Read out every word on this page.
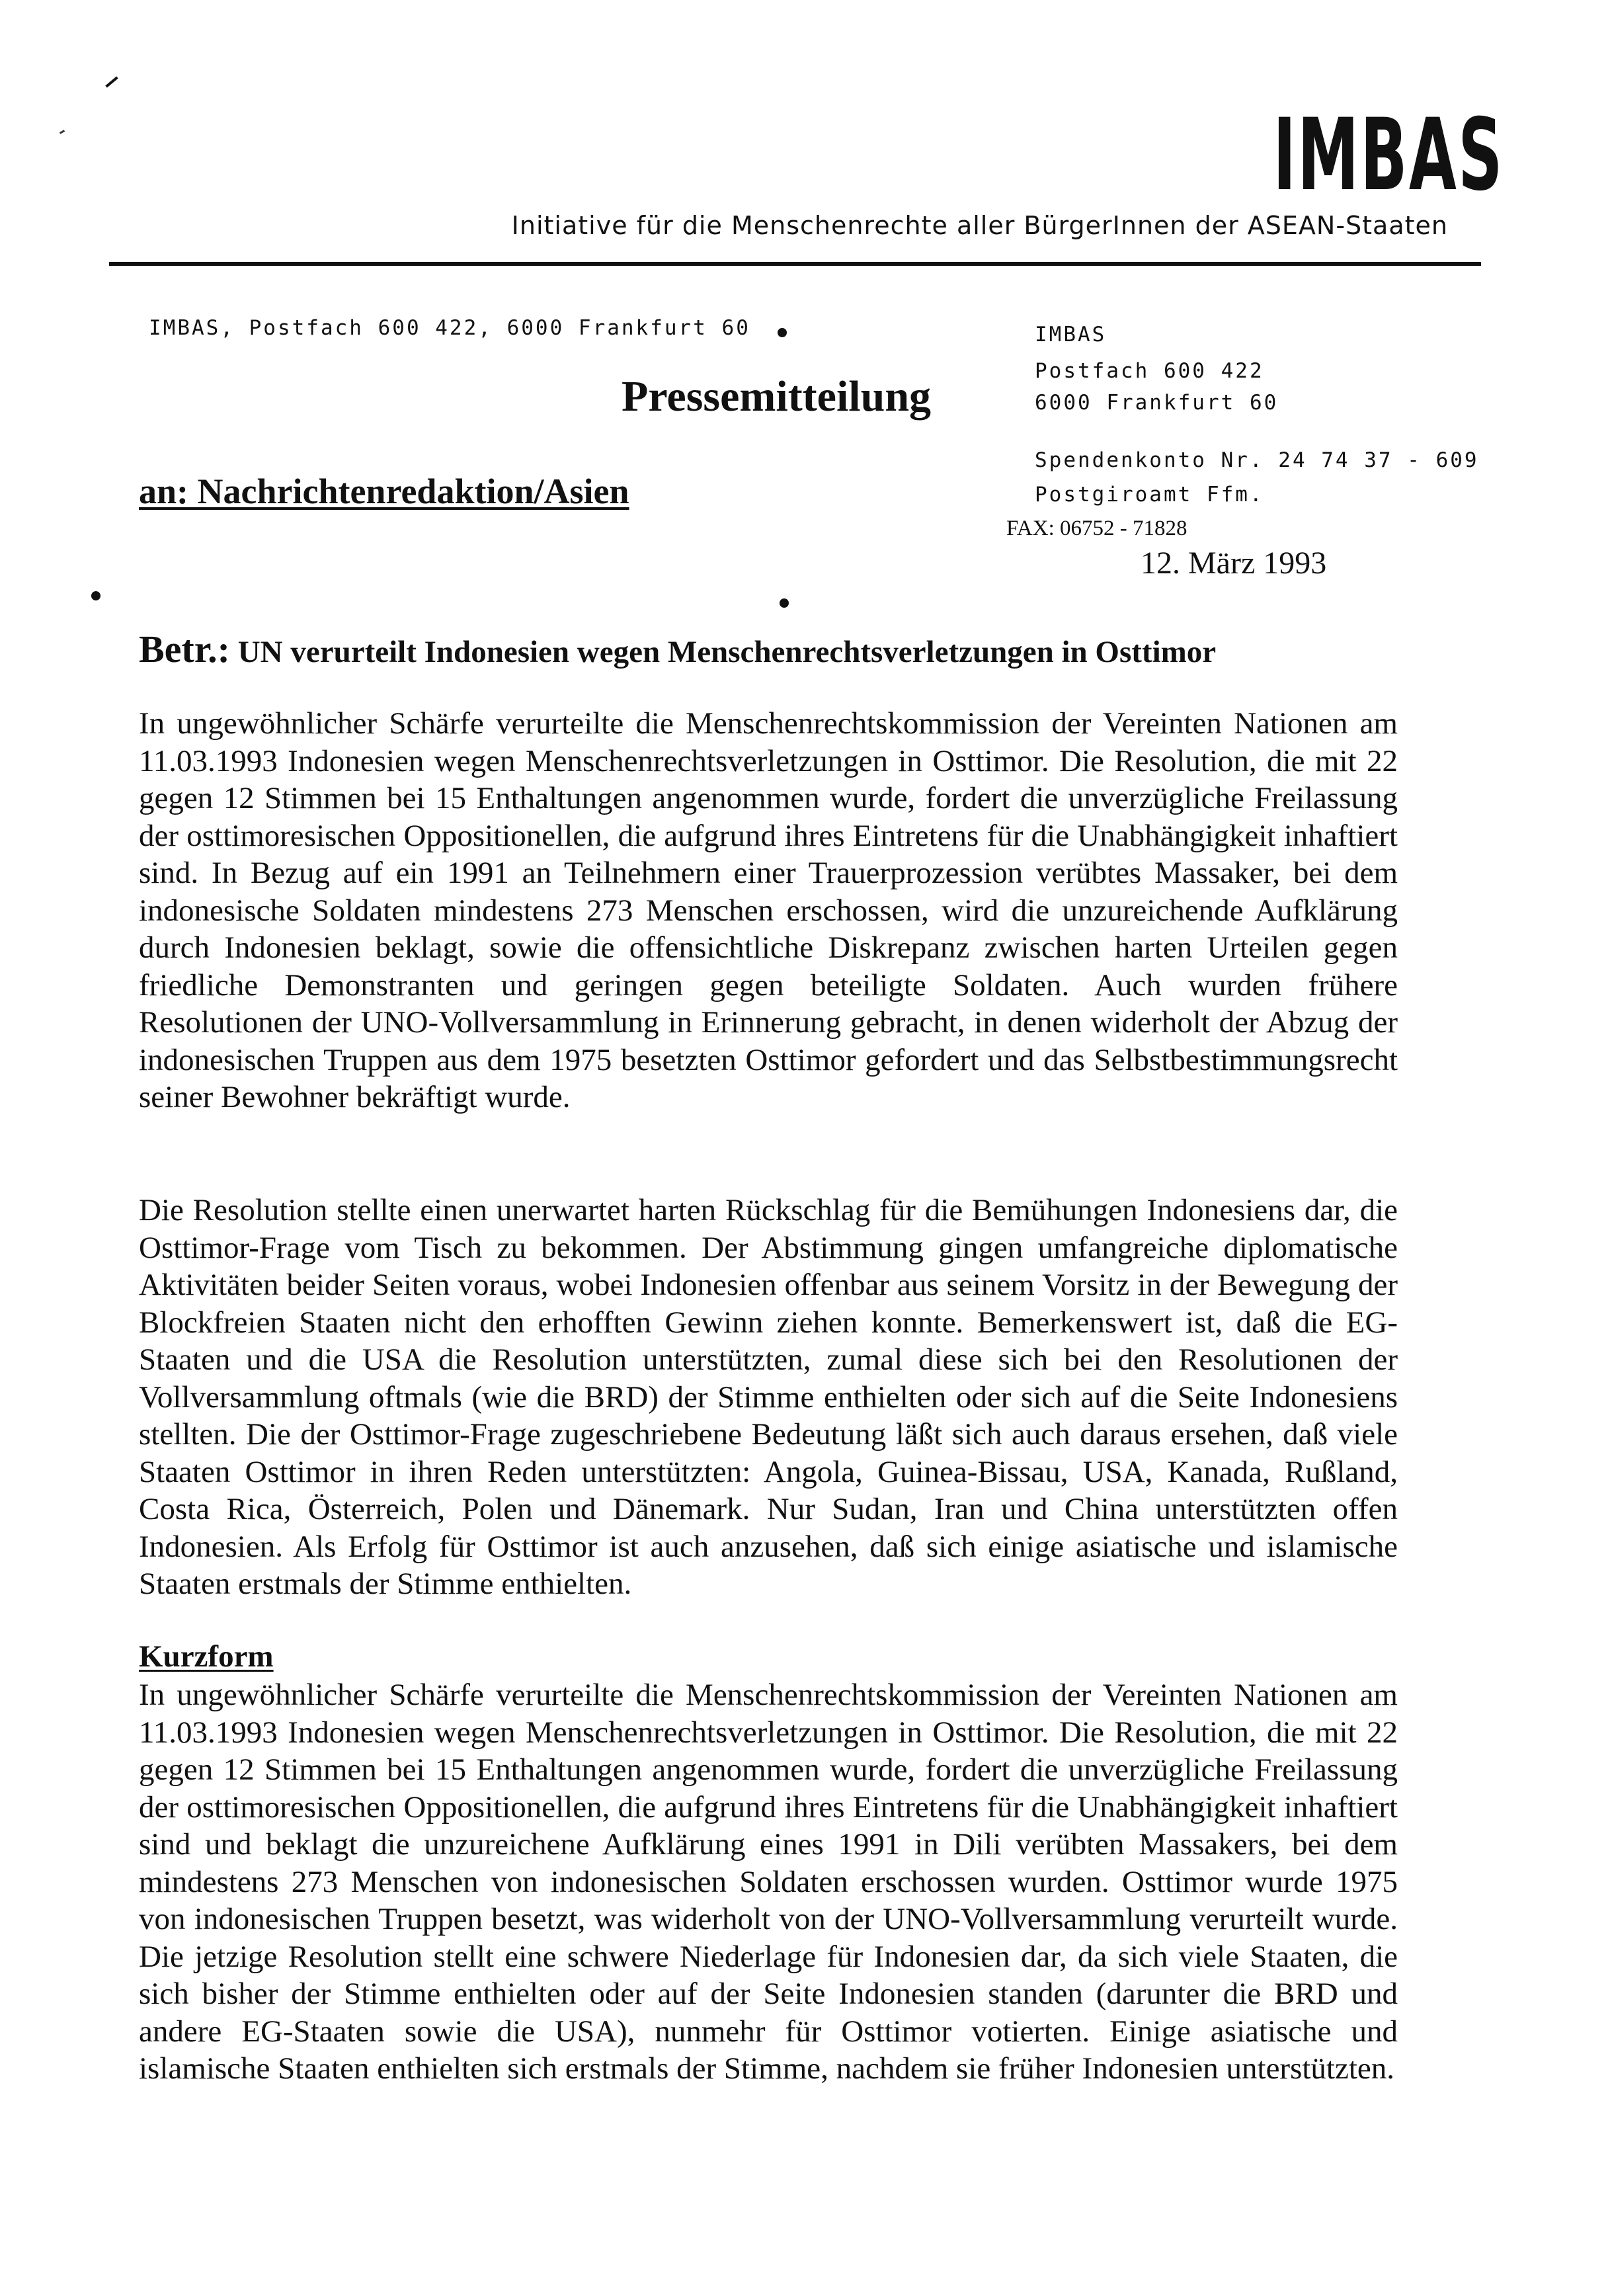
IMBAS
Initiative für die Menschenrechte aller BürgerInnen der ASEAN-Staaten
IMBAS, Postfach 600 422, 6000 Frankfurt 60	IMBAS
Postfach 600 422
6000 Frankfurt 60
Spendenkonto Nr. 24 74 37 - 609
Postgiroamt Ffm.
FAX: 06752 - 71828
12. März 1993
Pressemitteilung
an: Nachrichtenredaktion/Asien
Betr.: UN verurteilt Indonesien wegen Menschenrechtsverletzungen in Osttimor
In ungewöhnlicher Schärfe verurteilte die Menschenrechtskommission der Vereinten Nationen am 11.03.1993 Indonesien wegen Menschenrechtsverletzungen in Osttimor. Die Resolution, die mit 22 gegen 12 Stimmen bei 15 Enthaltungen angenommen wurde, fordert die unverzügliche Freilassung der osttimoresischen Oppositionellen, die aufgrund ihres Eintretens für die Unabhängigkeit inhaftiert sind. In Bezug auf ein 1991 an Teilnehmern einer Trauerprozession verübtes Massaker, bei dem indonesische Soldaten mindestens 273 Menschen erschossen, wird die unzureichende Aufklärung durch Indonesien beklagt, sowie die offensichtliche Diskrepanz zwischen harten Urteilen gegen friedliche Demonstranten und geringen gegen beteiligte Soldaten. Auch wurden frühere Resolutionen der UNO-Vollversammlung in Erinnerung gebracht, in denen widerholt der Abzug der indonesischen Truppen aus dem 1975 besetzten Osttimor gefordert und das Selbstbestimmungsrecht seiner Bewohner bekräftigt wurde.
Die Resolution stellte einen unerwartet harten Rückschlag für die Bemühungen Indonesiens dar, die Osttimor-Frage vom Tisch zu bekommen. Der Abstimmung gingen umfangreiche diplomatische Aktivitäten beider Seiten voraus, wobei Indonesien offenbar aus seinem Vorsitz in der Bewegung der Blockfreien Staaten nicht den erhofften Gewinn ziehen konnte. Bemerkenswert ist, daß die EG-Staaten und die USA die Resolution unterstützten, zumal diese sich bei den Resolutionen der Vollversammlung oftmals (wie die BRD) der Stimme enthielten oder sich auf die Seite Indonesiens stellten. Die der Osttimor-Frage zugeschriebene Bedeutung läßt sich auch daraus ersehen, daß viele Staaten Osttimor in ihren Reden unterstützten: Angola, Guinea-Bissau, USA, Kanada, Rußland, Costa Rica, Österreich, Polen und Dänemark. Nur Sudan, Iran und China unterstützten offen Indonesien. Als Erfolg für Osttimor ist auch anzusehen, daß sich einige asiatische und islamische Staaten erstmals der Stimme enthielten.
Kurzform
In ungewöhnlicher Schärfe verurteilte die Menschenrechtskommission der Vereinten Nationen am 11.03.1993 Indonesien wegen Menschenrechtsverletzungen in Osttimor. Die Resolution, die mit 22 gegen 12 Stimmen bei 15 Enthaltungen angenommen wurde, fordert die unverzügliche Freilassung der osttimoresischen Oppositionellen, die aufgrund ihres Eintretens für die Unabhängigkeit inhaftiert sind und beklagt die unzureichene Aufklärung eines 1991 in Dili verübten Massakers, bei dem mindestens 273 Menschen von indonesischen Soldaten erschossen wurden. Osttimor wurde 1975 von indonesischen Truppen besetzt, was widerholt von der UNO-Vollversammlung verurteilt wurde. Die jetzige Resolution stellt eine schwere Niederlage für Indonesien dar, da sich viele Staaten, die sich bisher der Stimme enthielten oder auf der Seite Indonesien standen (darunter die BRD und andere EG-Staaten sowie die USA), nunmehr für Osttimor votierten. Einige asiatische und islamische Staaten enthielten sich erstmals der Stimme, nachdem sie früher Indonesien unterstützten.
